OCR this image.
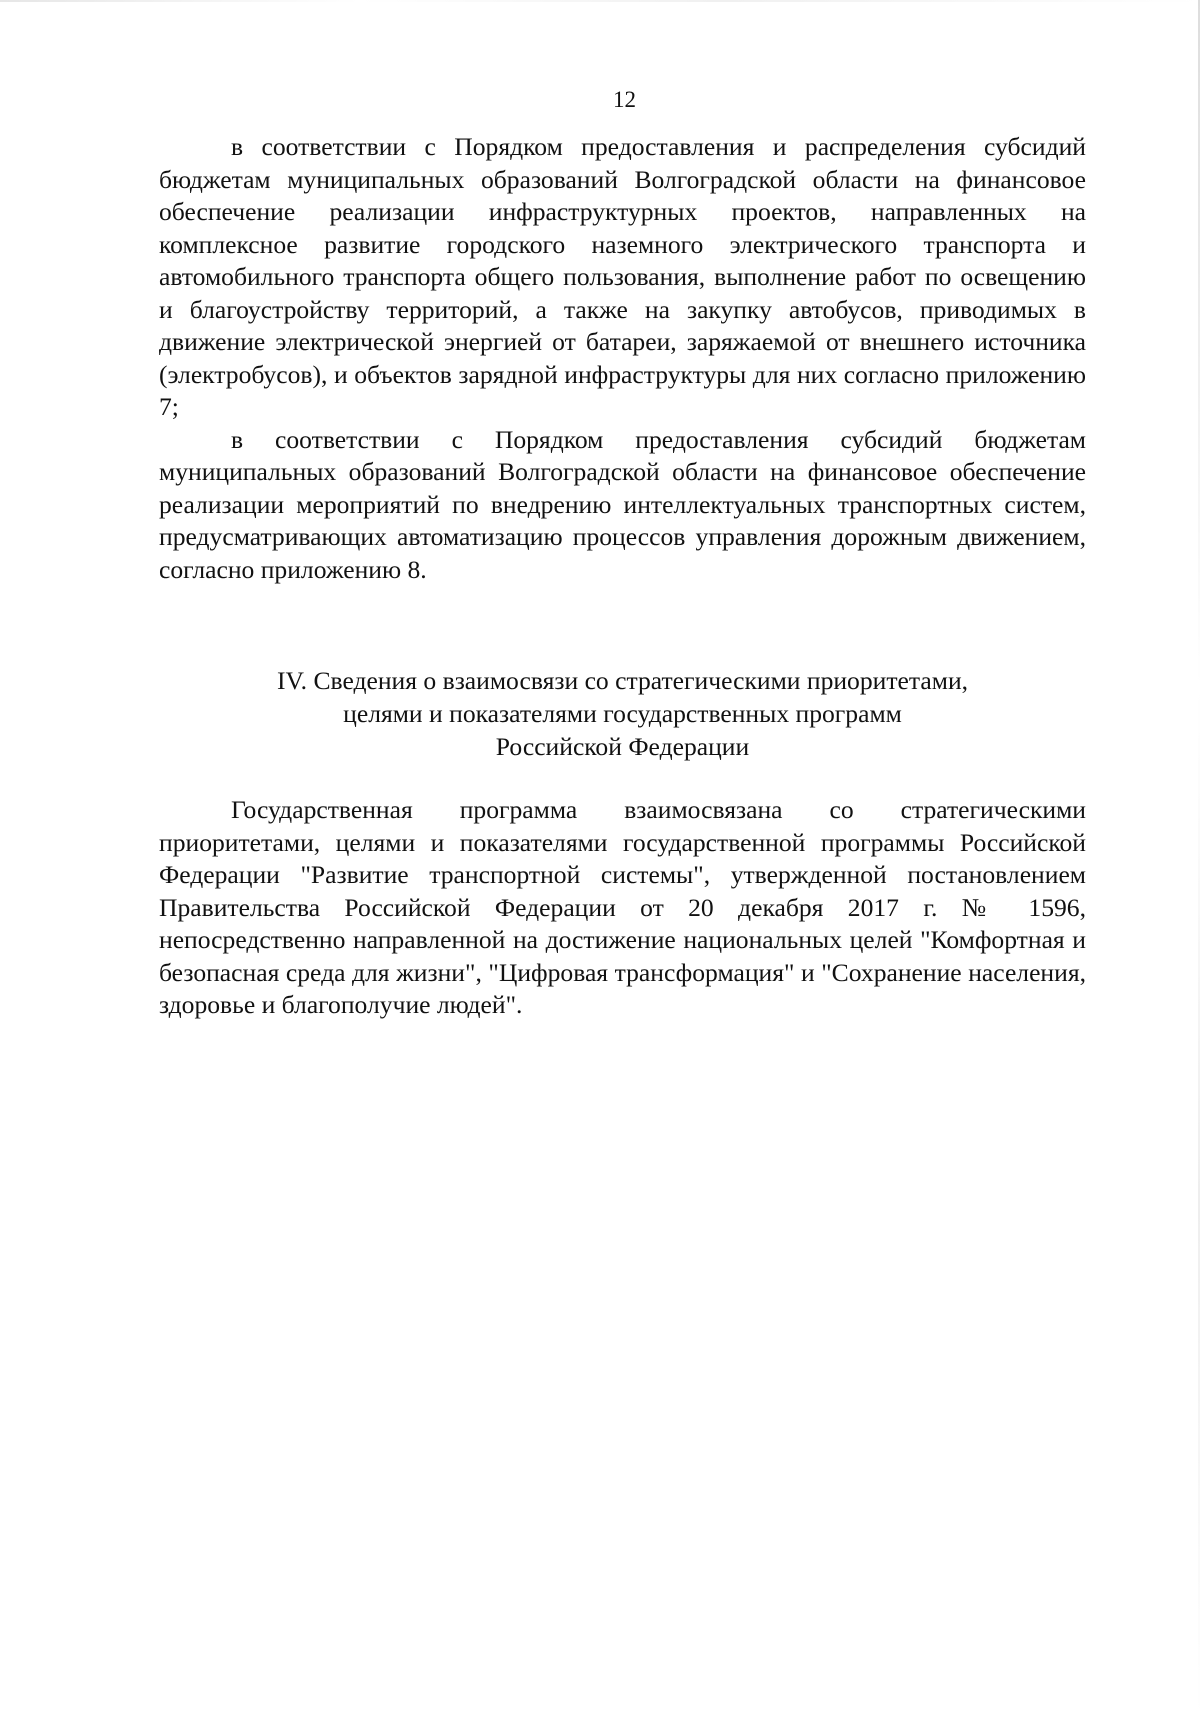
12

в соответствии с Порядком предоставления и распределения субсидий бюджетам муниципальных образований Волгоградской области на финансовое обеспечение реализации инфраструктурных проектов, направленных на комплексное развитие городского наземного электрического транспорта и автомобильного транспорта общего пользования, выполнение работ по освещению и благоустройству территорий, а также на закупку автобусов, приводимых в движение электрической энергией от батареи, заряжаемой от внешнего источника (электробусов), и объектов зарядной инфраструктуры для них согласно приложению 7;

в соответствии с Порядком предоставления субсидий бюджетам муниципальных образований Волгоградской области на финансовое обеспечение реализации мероприятий по внедрению интеллектуальных транспортных систем, предусматривающих автоматизацию процессов управления дорожным движением, согласно приложению 8.

IV. Сведения о взаимосвязи со стратегическими приоритетами,
целями и показателями государственных программ
Российской Федерации

Государственная программа взаимосвязана со стратегическими приоритетами, целями и показателями государственной программы Российской Федерации "Развитие транспортной системы", утвержденной постановлением Правительства Российской Федерации от 20 декабря 2017 г. № 1596, непосредственно направленной на достижение национальных целей "Комфортная и безопасная среда для жизни", "Цифровая трансформация" и "Сохранение населения, здоровье и благополучие людей".
